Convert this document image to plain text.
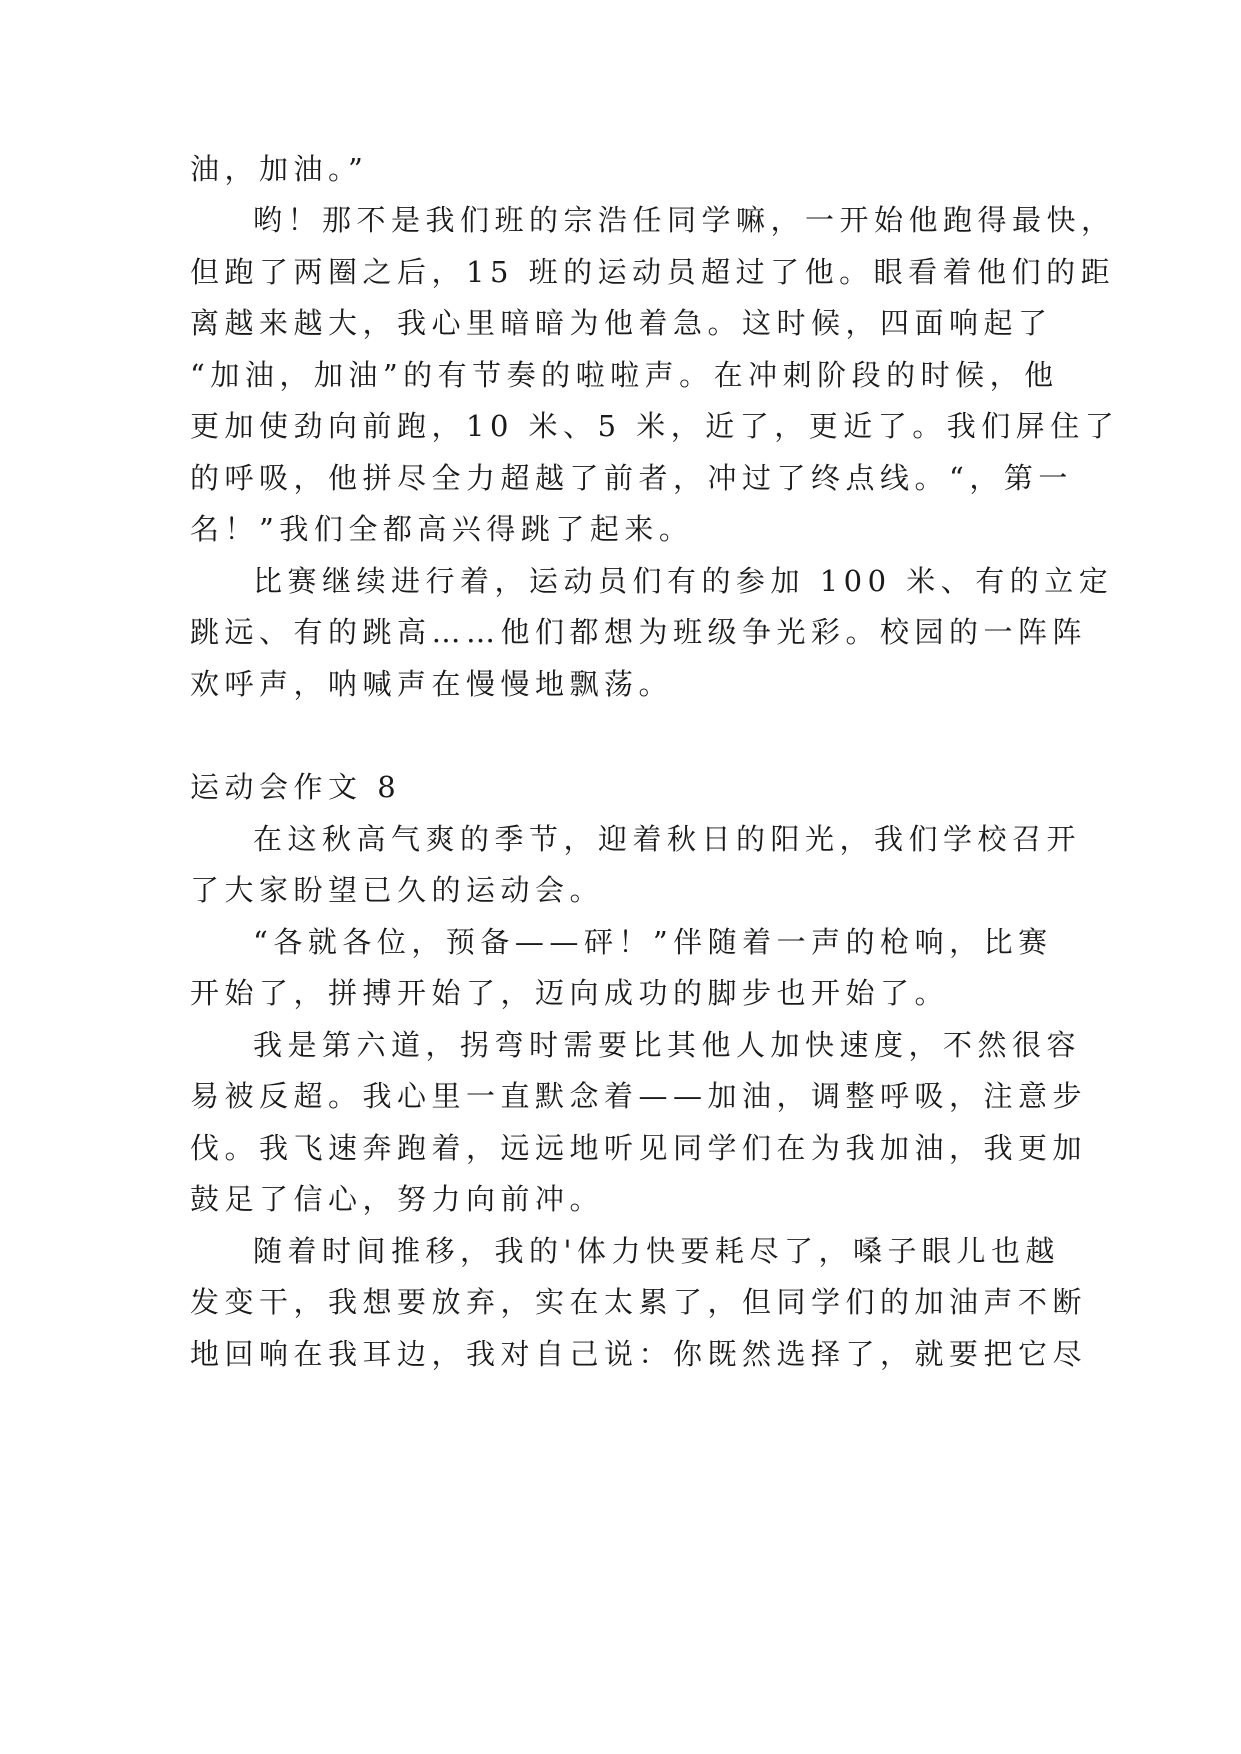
油，加油。”
哟！那不是我们班的宗浩任同学嘛，一开始他跑得最快，
但跑了两圈之后，15 班的运动员超过了他。眼看着他们的距
离越来越大，我心里暗暗为他着急。这时候，四面响起了
“加油，加油”的有节奏的啦啦声。在冲刺阶段的时候，他
更加使劲向前跑，10 米、5 米，近了，更近了。我们屏住了
的呼吸，他拼尽全力超越了前者，冲过了终点线。“，第一
名！”我们全都高兴得跳了起来。
比赛继续进行着，运动员们有的参加 100 米、有的立定
跳远、有的跳高……他们都想为班级争光彩。校园的一阵阵
欢呼声，呐喊声在慢慢地飘荡。
运动会作文 8
在这秋高气爽的季节，迎着秋日的阳光，我们学校召开
了大家盼望已久的运动会。
“各就各位，预备——砰！”伴随着一声的枪响，比赛
开始了，拼搏开始了，迈向成功的脚步也开始了。
我是第六道，拐弯时需要比其他人加快速度，不然很容
易被反超。我心里一直默念着——加油，调整呼吸，注意步
伐。我飞速奔跑着，远远地听见同学们在为我加油，我更加
鼓足了信心，努力向前冲。
随着时间推移，我的'体力快要耗尽了，嗓子眼儿也越
发变干，我想要放弃，实在太累了，但同学们的加油声不断
地回响在我耳边，我对自己说：你既然选择了，就要把它尽
